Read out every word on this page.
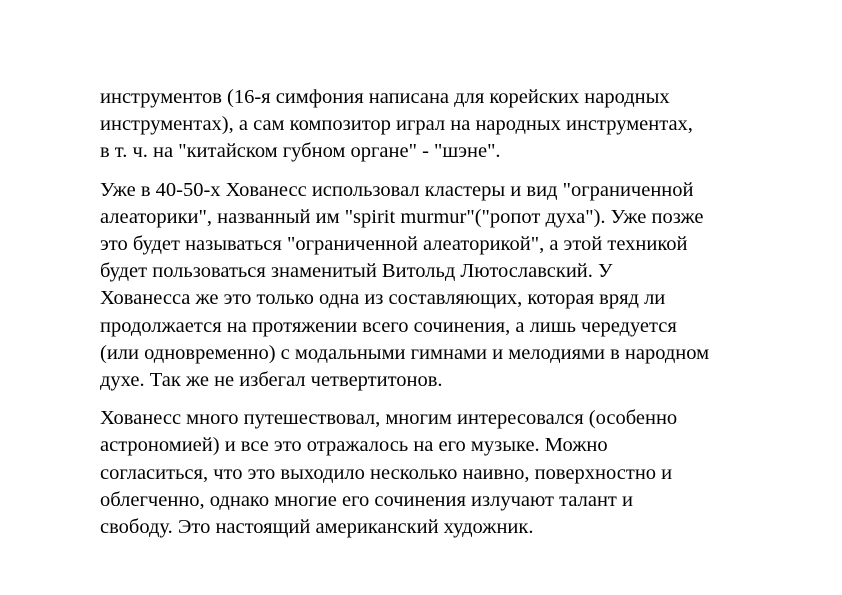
инструментов (16-я симфония написана для корейских народных
инструментах), а сам композитор играл на народных инструментах,
в т. ч. на "китайском губном органе" - "шэне".

Уже в 40-50-х Хованесс использовал кластеры и вид "ограниченной
алеаторики", названный им "spirit murmur"("ропот духа"). Уже позже
это будет называться "ограниченной алеаторикой", а этой техникой
будет пользоваться знаменитый Витольд Лютославский. У
Хованесса же это только одна из составляющих, которая вряд ли
продолжается на протяжении всего сочинения, а лишь чередуется
(или одновременно) с модальными гимнами и мелодиями в народном
духе. Так же не избегал четвертитонов.

Хованесс много путешествовал, многим интересовался (особенно
астрономией) и все это отражалось на его музыке. Можно
согласиться, что это выходило несколько наивно, поверхностно и
облегченно, однако многие его сочинения излучают талант и
свободу. Это настоящий американский художник.
